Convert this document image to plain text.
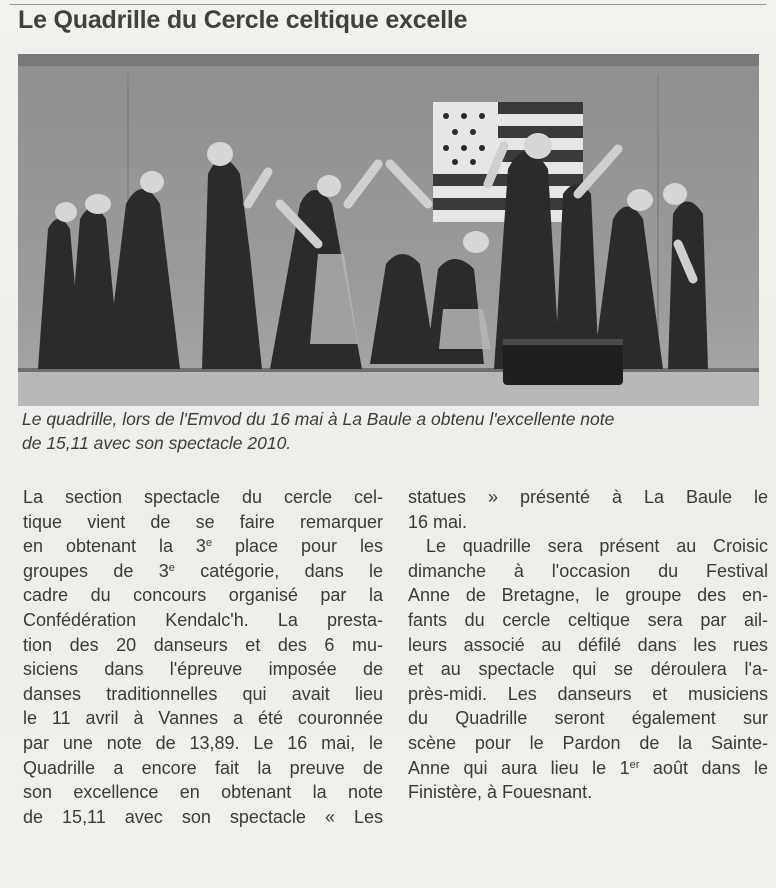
Le Quadrille du Cercle celtique excelle

Le quadrille, lors de l'Emvod du 16 mai à La Baule a obtenu l'excellente note
de 15,11 avec son spectacle 2010.

La section spectacle du cercle cel-
tique vient de se faire remarquer
en obtenant la 3e place pour les
groupes de 3e catégorie, dans le
cadre du concours organisé par la
Confédération Kendalc'h. La presta-
tion des 20 danseurs et des 6 mu-
siciens dans l'épreuve imposée de
danses traditionnelles qui avait lieu
le 11 avril à Vannes a été couronnée
par une note de 13,89. Le 16 mai, le
Quadrille a encore fait la preuve de
son excellence en obtenant la note
de 15,11 avec son spectacle « Les
statues » présenté à La Baule le
16 mai.
Le quadrille sera présent au Croisic
dimanche à l'occasion du Festival
Anne de Bretagne, le groupe des en-
fants du cercle celtique sera par ail-
leurs associé au défilé dans les rues
et au spectacle qui se déroulera l'a-
près-midi. Les danseurs et musiciens
du Quadrille seront également sur
scène pour le Pardon de la Sainte-
Anne qui aura lieu le 1er août dans le
Finistère, à Fouesnant.
